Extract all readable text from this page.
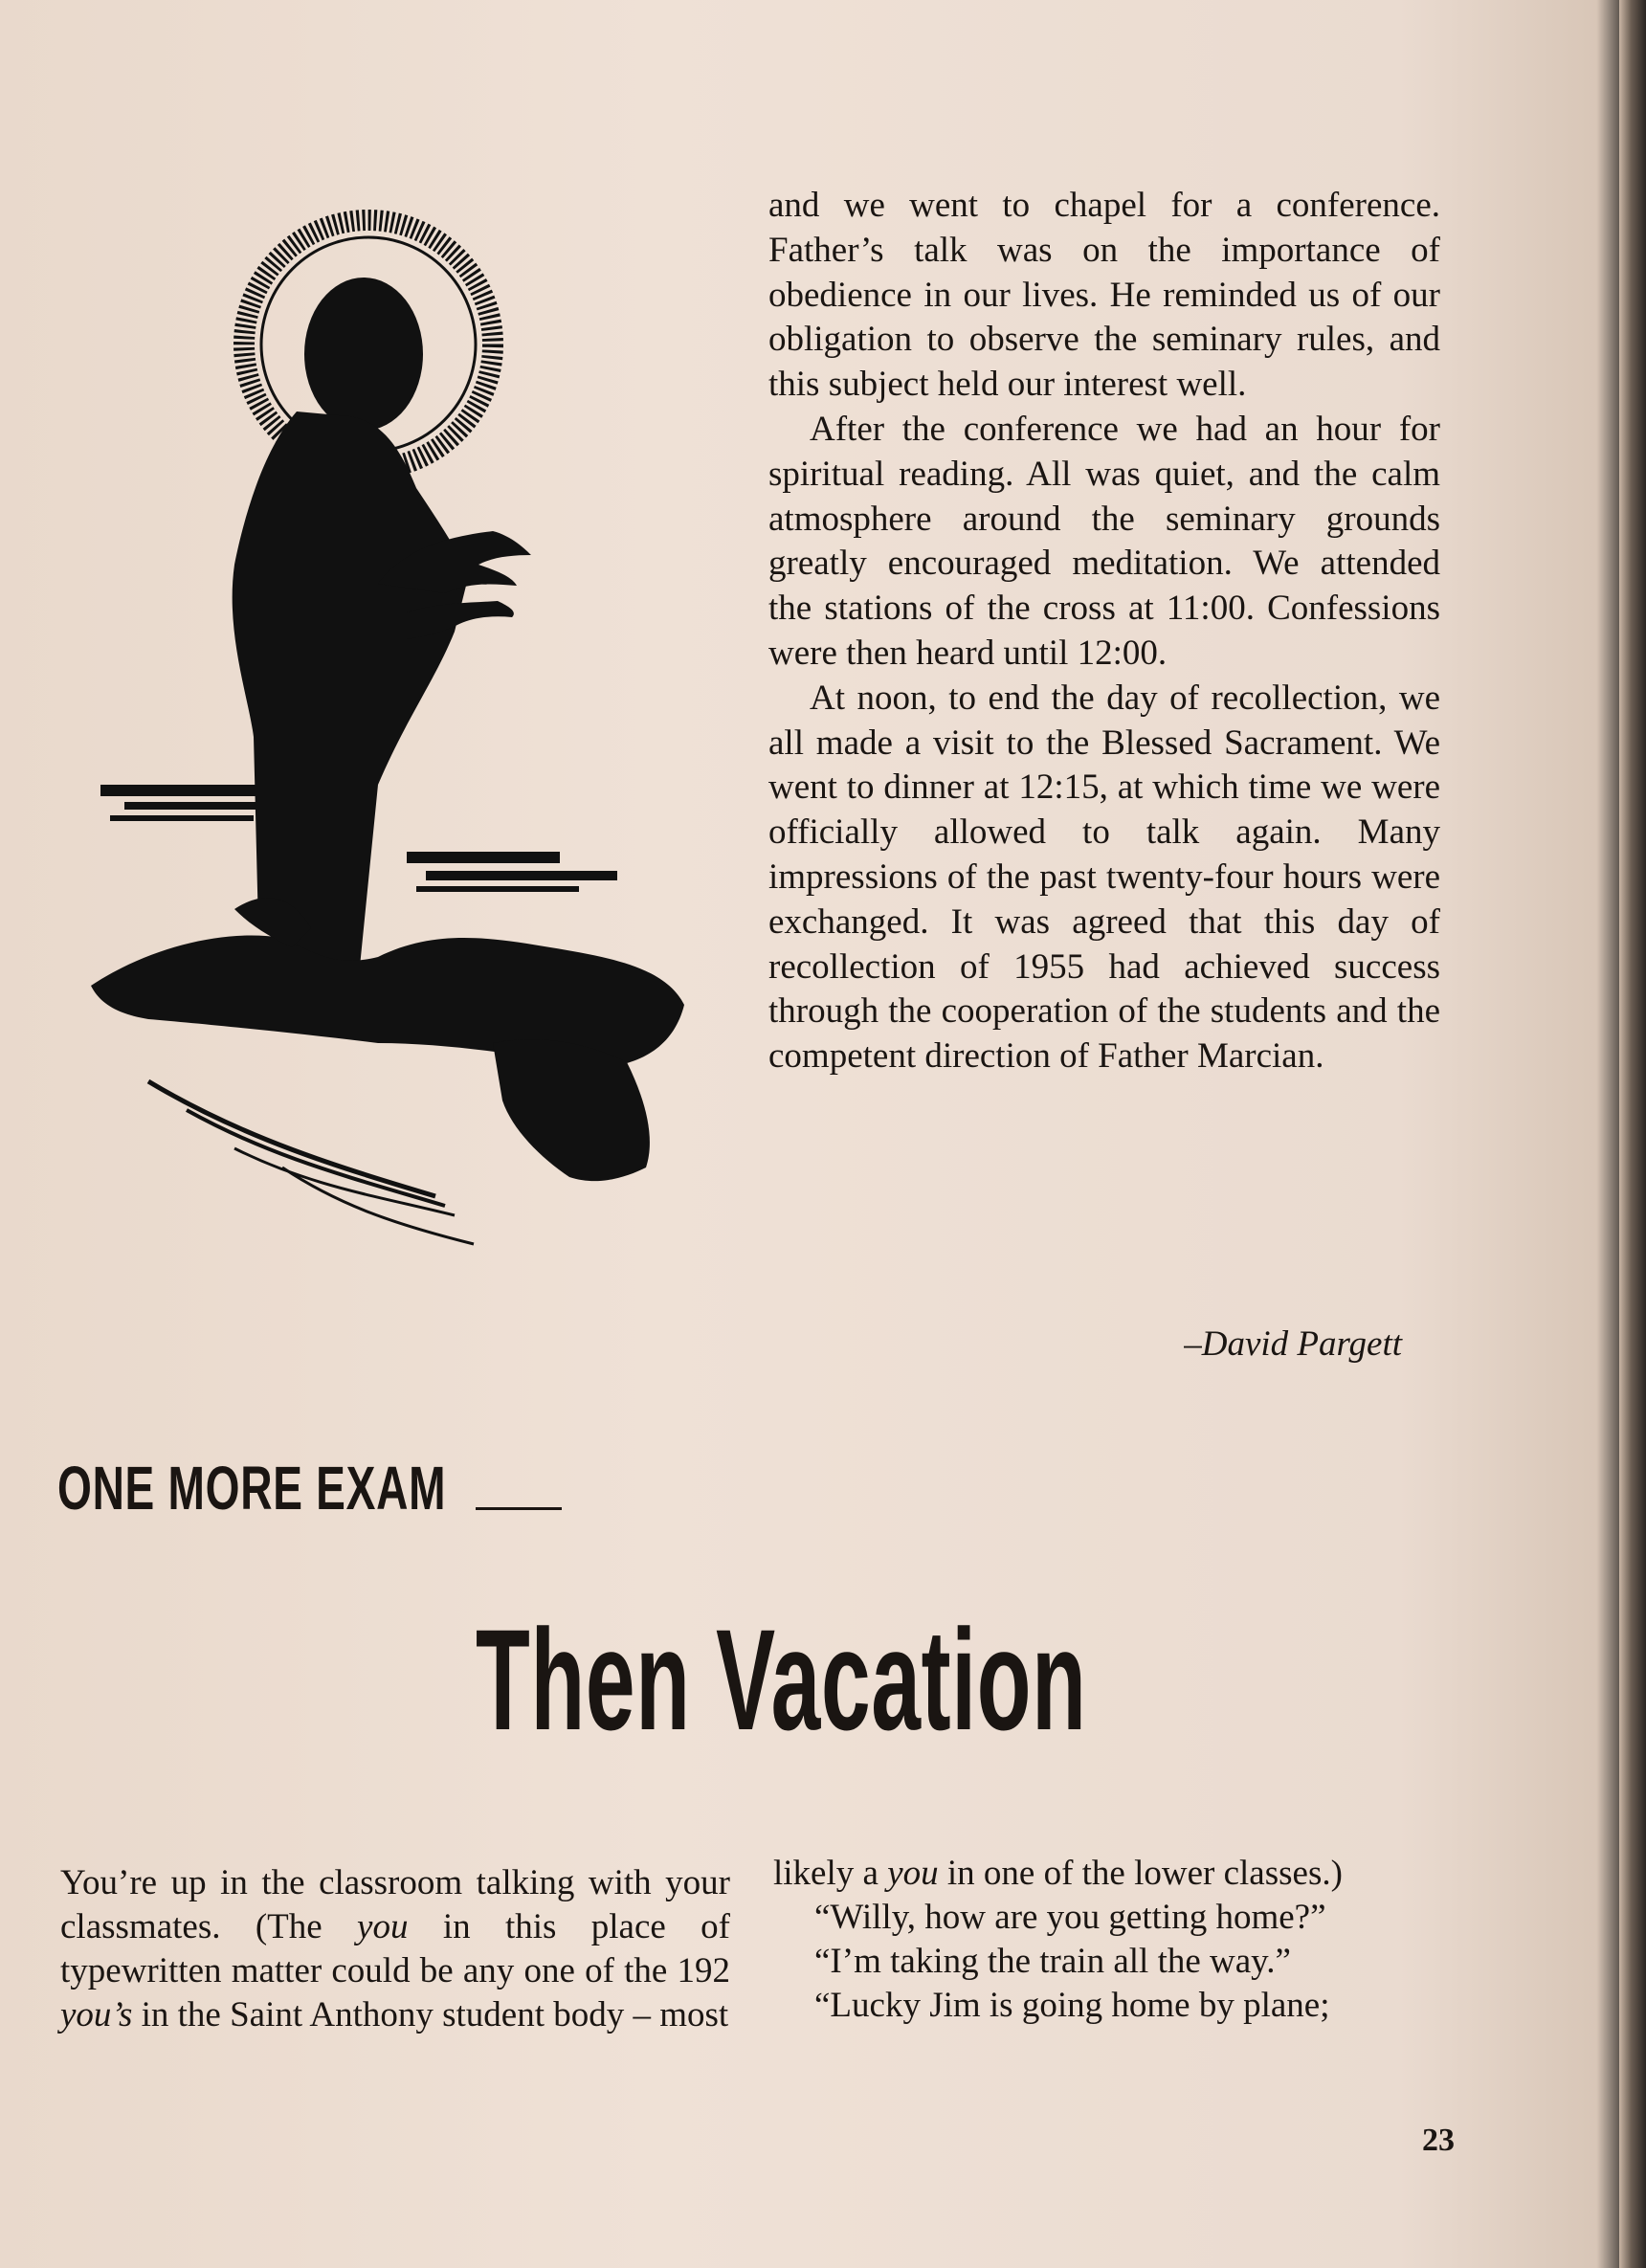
and we went to chapel for a conference. Father’s talk was on the importance of obedience in our lives. He reminded us of our obligation to observe the seminary rules, and this subject held our interest well.

After the conference we had an hour for spiritual reading. All was quiet, and the calm atmosphere around the seminary grounds greatly encouraged meditation. We attended the stations of the cross at 11:00. Confessions were then heard until 12:00.

At noon, to end the day of recollection, we all made a visit to the Blessed Sacrament. We went to dinner at 12:15, at which time we were officially allowed to talk again. Many impressions of the past twenty-four hours were exchanged. It was agreed that this day of recollection of 1955 had achieved success through the cooperation of the students and the competent direction of Father Marcian.

–David Pargett
ONE MORE EXAM
Then Vacation

You’re up in the classroom talking with your classmates. (The you in this place of typewritten matter could be any one of the 192 you’s in the Saint Anthony student body – most

likely a you in one of the lower classes.)

“Willy, how are you getting home?”

“I’m taking the train all the way.”

“Lucky Jim is going home by plane;

23
